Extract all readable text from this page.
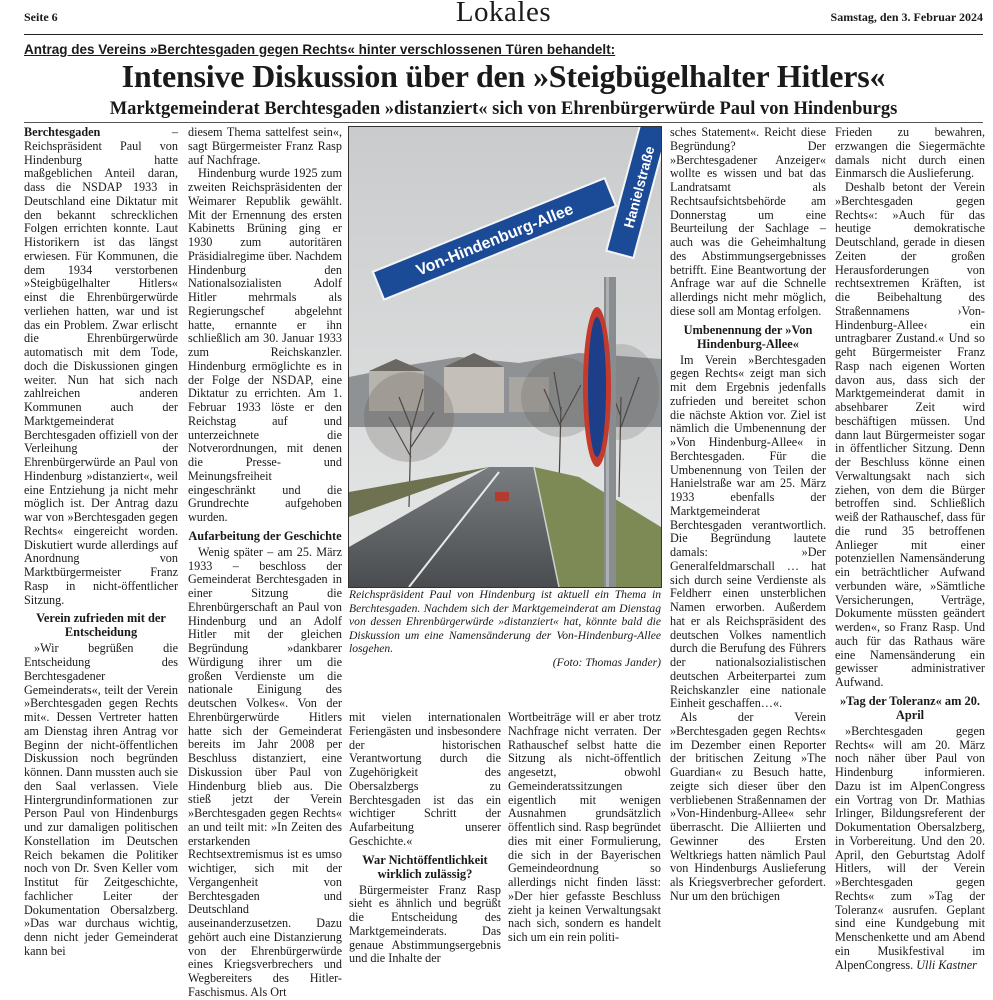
Seite 6	Lokales	Samstag, den 3. Februar 2024
Antrag des Vereins »Berchtesgaden gegen Rechts« hinter verschlossenen Türen behandelt:
Intensive Diskussion über den »Steigbügelhalter Hitlers«
Marktgemeinderat Berchtesgaden »distanziert« sich von Ehrenbürgerwürde Paul von Hindenburgs

Berchtesgaden – Reichspräsident Paul von Hindenburg hatte maßgeblichen Anteil daran, dass die NSDAP 1933 in Deutschland eine Diktatur mit den bekannt schrecklichen Folgen errichten konnte. Laut Historikern ist das längst erwiesen. Für Kommunen, die dem 1934 verstorbenen »Steigbügelhalter Hitlers« einst die Ehrenbürgerwürde verliehen hatten, war und ist das ein Problem. Zwar erlischt die Ehrenbürgerwürde automatisch mit dem Tode, doch die Diskussionen gingen weiter. Nun hat sich nach zahlreichen anderen Kommunen auch der Marktgemeinderat Berchtesgaden offiziell von der Verleihung der Ehrenbürgerwürde an Paul von Hindenburg »distanziert«, weil eine Entziehung ja nicht mehr möglich ist. Der Antrag dazu war von »Berchtesgaden gegen Rechts« eingereicht worden. Diskutiert wurde allerdings auf Anordnung von Marktbürgermeister Franz Rasp in nicht-öffentlicher Sitzung.

Verein zufrieden mit der Entscheidung

»Wir begrüßen die Entscheidung des Berchtesgadener Gemeinderats«, teilt der Verein »Berchtesgaden gegen Rechts mit«. Dessen Vertreter hatten am Dienstag ihren Antrag vor Beginn der nicht-öffentlichen Diskussion noch begründen können. Dann mussten auch sie den Saal verlassen. Viele Hintergrundinformationen zur Person Paul von Hindenburgs und zur damaligen politischen Konstellation im Deutschen Reich bekamen die Politiker noch von Dr. Sven Keller vom Institut für Zeitgeschichte, fachlicher Leiter der Dokumentation Obersalzberg. »Das war durchaus wichtig, denn nicht jeder Gemeinderat kann bei

diesem Thema sattelfest sein«, sagt Bürgermeister Franz Rasp auf Nachfrage.

Hindenburg wurde 1925 zum zweiten Reichspräsidenten der Weimarer Republik gewählt. Mit der Ernennung des ersten Kabinetts Brüning ging er 1930 zum autoritären Präsidialregime über. Nachdem Hindenburg den Nationalsozialisten Adolf Hitler mehrmals als Regierungschef abgelehnt hatte, ernannte er ihn schließlich am 30. Januar 1933 zum Reichskanzler. Hindenburg ermöglichte es in der Folge der NSDAP, eine Diktatur zu errichten. Am 1. Februar 1933 löste er den Reichstag auf und unterzeichnete die Notverordnungen, mit denen die Presse- und Meinungsfreiheit eingeschränkt und die Grundrechte aufgehoben wurden.

Aufarbeitung der Geschichte

Wenig später – am 25. März 1933 – beschloss der Gemeinderat Berchtesgaden in einer Sitzung die Ehrenbürgerschaft an Paul von Hindenburg und an Adolf Hitler mit der gleichen Begründung »dankbarer Würdigung ihrer um die großen Verdienste um die nationale Einigung des deutschen Volkes«. Von der Ehrenbürgerwürde Hitlers hatte sich der Gemeinderat bereits im Jahr 2008 per Beschluss distanziert, eine Diskussion über Paul von Hindenburg blieb aus. Die stieß jetzt der Verein »Berchtesgaden gegen Rechts« an und teilt mit: »In Zeiten des erstarkenden Rechtsextremismus ist es umso wichtiger, sich mit der Vergangenheit von Berchtesgaden und Deutschland auseinanderzusetzen. Dazu gehört auch eine Distanzierung von der Ehrenbürgerwürde eines Kriegsverbrechers und Wegbereiters des Hitler-Faschismus. Als Ort

Von-Hindenburg-Allee
Hanielstraße
Reichspräsident Paul von Hindenburg ist aktuell ein Thema in Berchtesgaden. Nachdem sich der Marktgemeinderat am Dienstag von dessen Ehrenbürgerwürde »distanziert« hat, könnte bald die Diskussion um eine Namensänderung der Von-Hindenburg-Allee losgehen.
(Foto: Thomas Jander)

mit vielen internationalen Feriengästen und insbesondere der historischen Verantwortung durch die Zugehörigkeit des Obersalzbergs zu Berchtesgaden ist das ein wichtiger Schritt der Aufarbeitung unserer Geschichte.«

War Nichtöffentlichkeit wirklich zulässig?

Bürgermeister Franz Rasp sieht es ähnlich und begrüßt die Entscheidung des Marktgemeinderats. Das genaue Abstimmungsergebnis und die Inhalte der

Wortbeiträge will er aber trotz Nachfrage nicht verraten. Der Rathauschef selbst hatte die Sitzung als nicht-öffentlich angesetzt, obwohl Gemeinderatssitzungen eigentlich mit wenigen Ausnahmen grundsätzlich öffentlich sind. Rasp begründet dies mit einer Formulierung, die sich in der Bayerischen Gemeindeordnung so allerdings nicht finden lässt: »Der hier gefasste Beschluss zieht ja keinen Verwaltungsakt nach sich, sondern es handelt sich um ein rein politi-

sches Statement«. Reicht diese Begründung? Der »Berchtesgadener Anzeiger« wollte es wissen und bat das Landratsamt als Rechtsaufsichtsbehörde am Donnerstag um eine Beurteilung der Sachlage – auch was die Geheimhaltung des Abstimmungsergebnisses betrifft. Eine Beantwortung der Anfrage war auf die Schnelle allerdings nicht mehr möglich, diese soll am Montag erfolgen.

Umbenennung der »Von Hindenburg-Allee«

Im Verein »Berchtesgaden gegen Rechts« zeigt man sich mit dem Ergebnis jedenfalls zufrieden und bereitet schon die nächste Aktion vor. Ziel ist nämlich die Umbenennung der »Von Hindenburg-Allee« in Berchtesgaden. Für die Umbenennung von Teilen der Hanielstraße war am 25. März 1933 ebenfalls der Marktgemeinderat Berchtesgaden verantwortlich. Die Begründung lautete damals: »Der Generalfeldmarschall … hat sich durch seine Verdienste als Feldherr einen unsterblichen Namen erworben. Außerdem hat er als Reichspräsident des deutschen Volkes namentlich durch die Berufung des Führers der nationalsozialistischen deutschen Arbeiterpartei zum Reichskanzler eine nationale Einheit geschaffen…«.

Als der Verein »Berchtesgaden gegen Rechts« im Dezember einen Reporter der britischen Zeitung »The Guardian« zu Besuch hatte, zeigte sich dieser über den verbliebenen Straßennamen der »Von-Hindenburg-Allee« sehr überrascht. Die Alliierten und Gewinner des Ersten Weltkriegs hatten nämlich Paul von Hindenburgs Auslieferung als Kriegsverbrecher gefordert. Nur um den brüchigen

Frieden zu bewahren, erzwangen die Siegermächte damals nicht durch einen Einmarsch die Auslieferung.

Deshalb betont der Verein »Berchtesgaden gegen Rechts«: »Auch für das heutige demokratische Deutschland, gerade in diesen Zeiten der großen Herausforderungen von rechtsextremen Kräften, ist die Beibehaltung des Straßennamens ›Von-Hindenburg-Allee‹ ein untragbarer Zustand.« Und so geht Bürgermeister Franz Rasp nach eigenen Worten davon aus, dass sich der Marktgemeinderat damit in absehbarer Zeit wird beschäftigen müssen. Und dann laut Bürgermeister sogar in öffentlicher Sitzung. Denn der Beschluss könne einen Verwaltungsakt nach sich ziehen, von dem die Bürger betroffen sind. Schließlich weiß der Rathauschef, dass für die rund 35 betroffenen Anlieger mit einer potenziellen Namensänderung ein beträchtlicher Aufwand verbunden wäre, »Sämtliche Versicherungen, Verträge, Dokumente müssten geändert werden«, so Franz Rasp. Und auch für das Rathaus wäre eine Namensänderung ein gewisser administrativer Aufwand.

»Tag der Toleranz« am 20. April

»Berchtesgaden gegen Rechts« will am 20. März noch näher über Paul von Hindenburg informieren. Dazu ist im AlpenCongress ein Vortrag von Dr. Mathias Irlinger, Bildungsreferent der Dokumentation Obersalzberg, in Vorbereitung. Und den 20. April, den Geburtstag Adolf Hitlers, will der Verein »Berchtesgaden gegen Rechts« zum »Tag der Toleranz« ausrufen. Geplant sind eine Kundgebung mit Menschenkette und am Abend ein Musikfestival im AlpenCongress. Ulli Kastner
